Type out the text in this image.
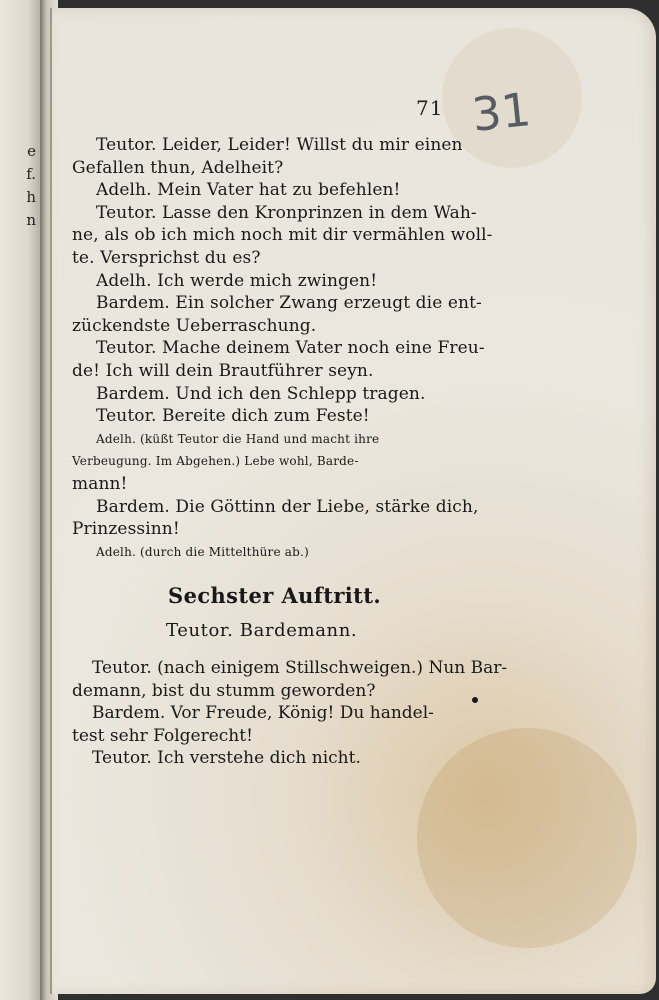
e
f.
h
n
71 31
Teutor. Leider, Leider! Willst du mir einen
Gefallen thun, Adelheit?
Adelh. Mein Vater hat zu befehlen!
Teutor. Lasse den Kronprinzen in dem Wah-
ne, als ob ich mich noch mit dir vermählen woll-
te. Versprichst du es?
Adelh. Ich werde mich zwingen!
Bardem. Ein solcher Zwang erzeugt die ent-
zückendste Ueberraschung.
Teutor. Mache deinem Vater noch eine Freu-
de! Ich will dein Brautführer seyn.
Bardem. Und ich den Schlepp tragen.
Teutor. Bereite dich zum Feste!
Adelh. (küßt Teutor die Hand und macht ihre
Verbeugung. Im Abgehen.) Lebe wohl, Barde-
mann!
Bardem. Die Göttinn der Liebe, stärke dich,
Prinzessinn!
Adelh. (durch die Mittelthüre ab.)
Sechster Auftritt.
Teutor. Bardemann.
Teutor. (nach einigem Stillschweigen.) Nun Bar-
demann, bist du stumm geworden?
Bardem. Vor Freude, König! Du handel-
test sehr Folgerecht!
Teutor. Ich verstehe dich nicht.
